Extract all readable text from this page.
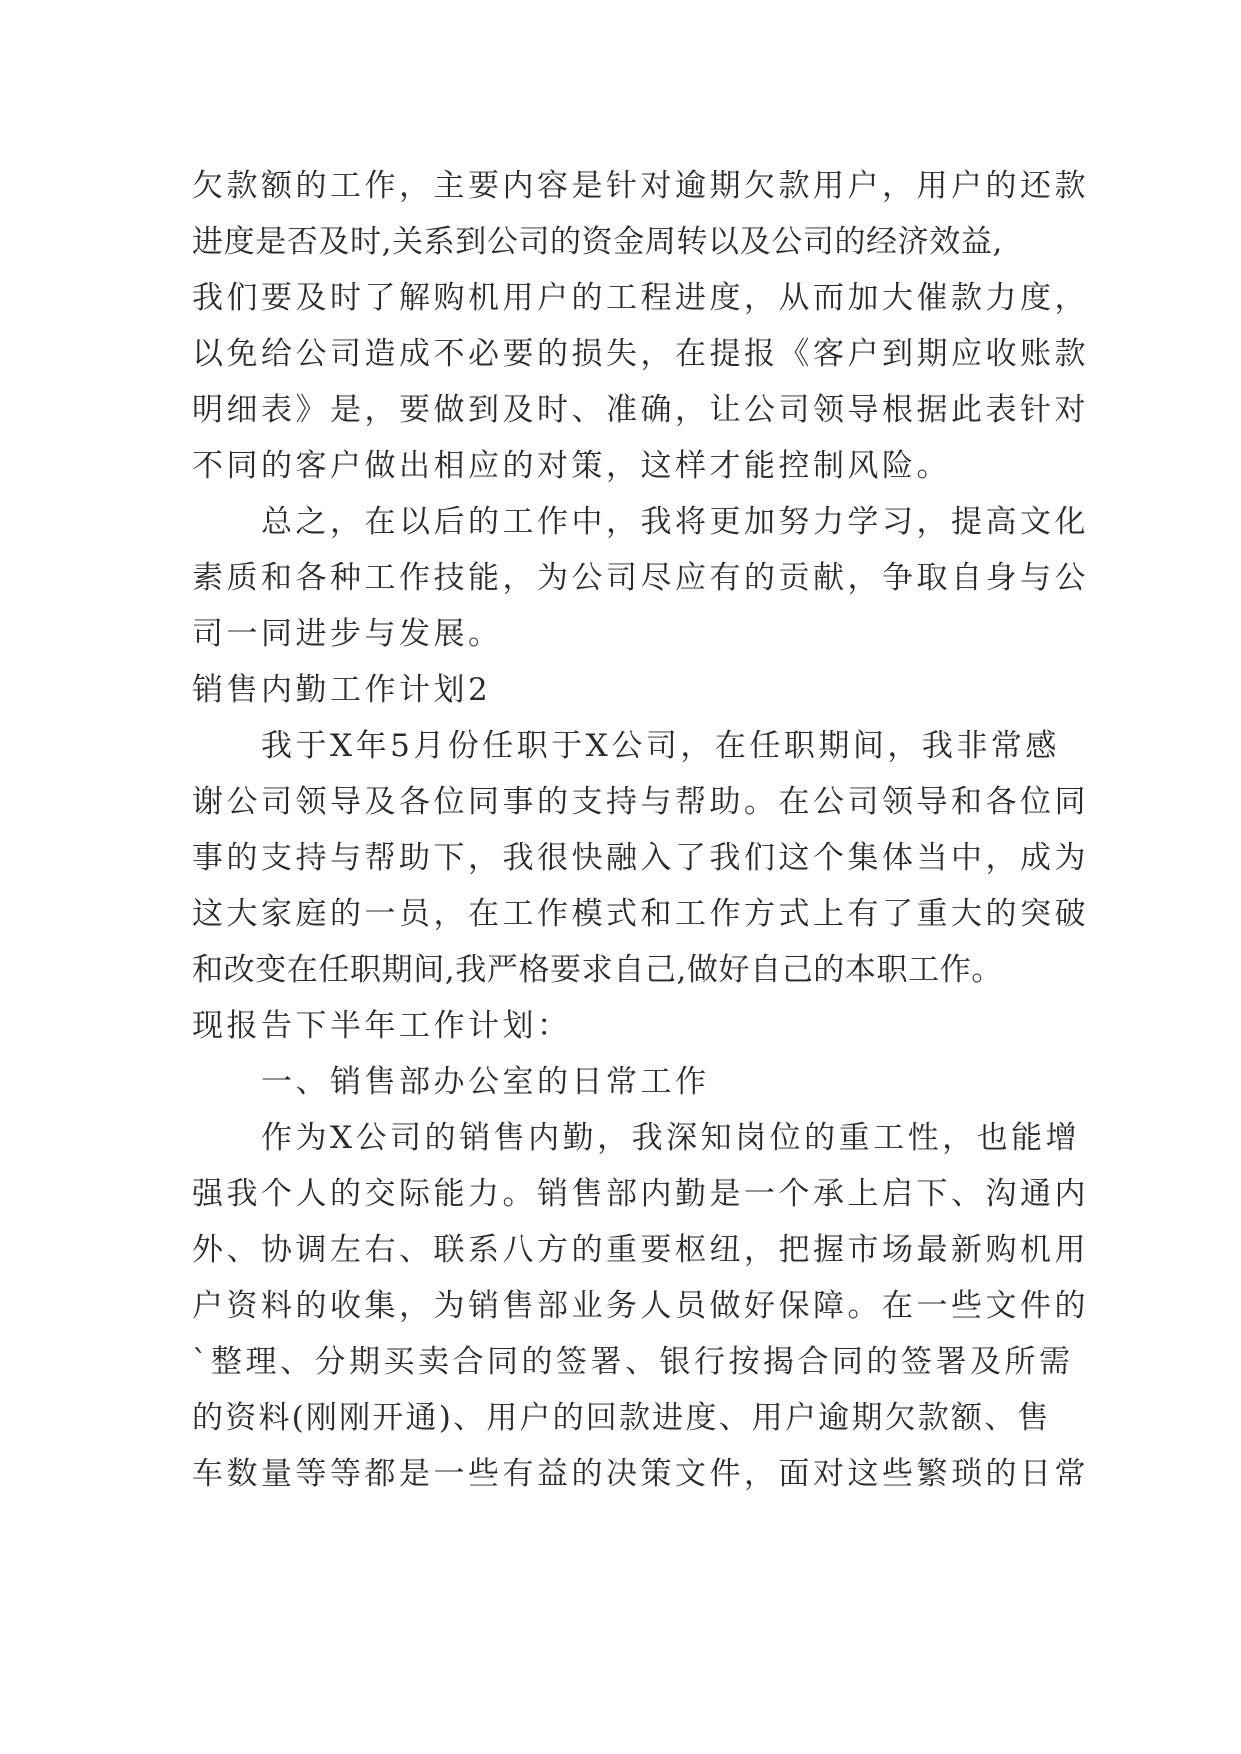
欠款额的工作，主要内容是针对逾期欠款用户，用户的还款
进度是否及时,关系到公司的资金周转以及公司的经济效益,
我们要及时了解购机用户的工程进度，从而加大催款力度，
以免给公司造成不必要的损失，在提报《客户到期应收账款
明细表》是，要做到及时、准确，让公司领导根据此表针对
不同的客户做出相应的对策，这样才能控制风险。
　　总之，在以后的工作中，我将更加努力学习，提高文化
素质和各种工作技能，为公司尽应有的贡献，争取自身与公
司一同进步与发展。
销售内勤工作计划2
　　我于X年5月份任职于X公司，在任职期间，我非常感
谢公司领导及各位同事的支持与帮助。在公司领导和各位同
事的支持与帮助下，我很快融入了我们这个集体当中，成为
这大家庭的一员，在工作模式和工作方式上有了重大的突破
和改变在任职期间,我严格要求自己,做好自己的本职工作。
现报告下半年工作计划：
　　一、销售部办公室的日常工作
　　作为X公司的销售内勤，我深知岗位的重工性，也能增
强我个人的交际能力。销售部内勤是一个承上启下、沟通内
外、协调左右、联系八方的重要枢纽，把握市场最新购机用
户资料的收集，为销售部业务人员做好保障。在一些文件的
`整理、分期买卖合同的签署、银行按揭合同的签署及所需
的资料(刚刚开通)、用户的回款进度、用户逾期欠款额、售
车数量等等都是一些有益的决策文件，面对这些繁琐的日常
